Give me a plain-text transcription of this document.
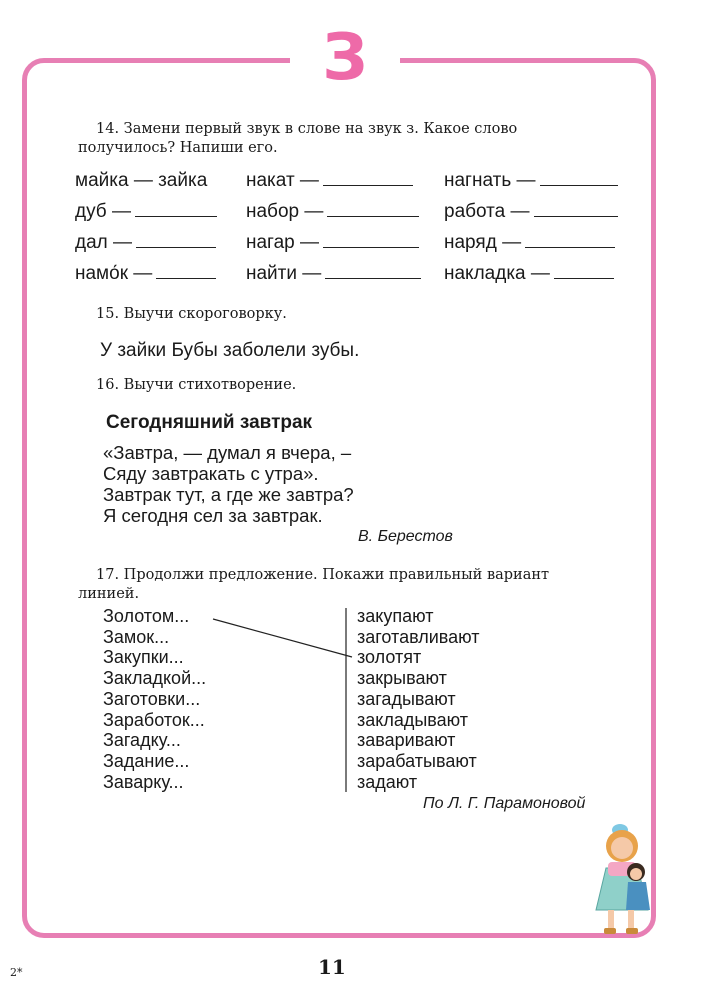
З
14. Замени первый звук в слове на звук з. Какое слово получилось? Напиши его.
майка — зайка накат —	нагнать —
дуб —	набор —	работа —
дал —	нагар —	наряд —
намо́к —	найти —	накладка —
15. Выучи скороговорку.
У зайки Бубы заболели зубы.
16. Выучи стихотворение.
Сегодняшний завтрак
«Завтра, — думал я вчера, –
Сяду завтракать с утра».
Завтрак тут, а где же завтра?
Я сегодня сел за завтрак.
В. Берестов
17. Продолжи предложение. Покажи правильный вариант линией.
Золотом...
Замок...
Закупки...
Закладкой...
Заготовки...
Заработок...
Загадку...
Задание...
Заварку...
закупают
заготавливают
золотят
закрывают
загадывают
закладывают
заваривают
зарабатывают
задают
По Л. Г. Парамоновой
11
2*
